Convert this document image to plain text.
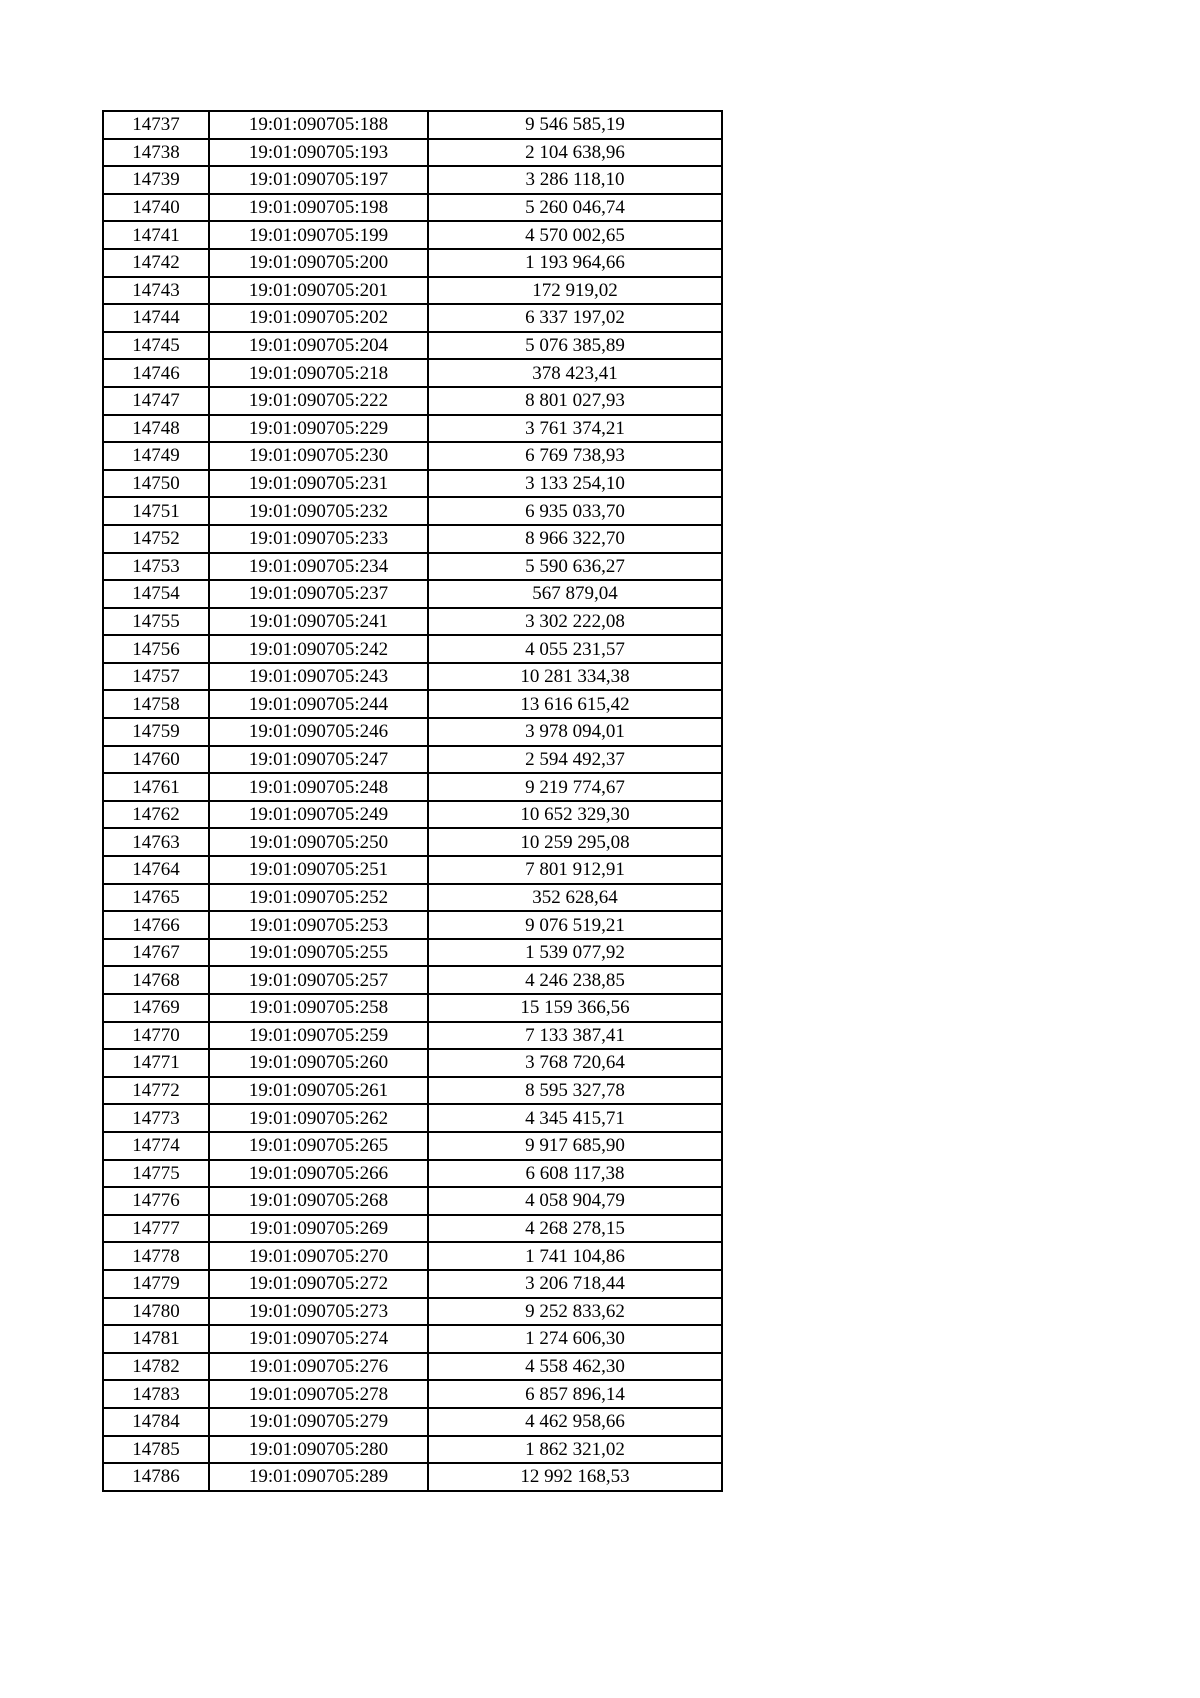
14737	19:01:090705:188	9 546 585,19
14738	19:01:090705:193	2 104 638,96
14739	19:01:090705:197	3 286 118,10
14740	19:01:090705:198	5 260 046,74
14741	19:01:090705:199	4 570 002,65
14742	19:01:090705:200	1 193 964,66
14743	19:01:090705:201	172 919,02
14744	19:01:090705:202	6 337 197,02
14745	19:01:090705:204	5 076 385,89
14746	19:01:090705:218	378 423,41
14747	19:01:090705:222	8 801 027,93
14748	19:01:090705:229	3 761 374,21
14749	19:01:090705:230	6 769 738,93
14750	19:01:090705:231	3 133 254,10
14751	19:01:090705:232	6 935 033,70
14752	19:01:090705:233	8 966 322,70
14753	19:01:090705:234	5 590 636,27
14754	19:01:090705:237	567 879,04
14755	19:01:090705:241	3 302 222,08
14756	19:01:090705:242	4 055 231,57
14757	19:01:090705:243	10 281 334,38
14758	19:01:090705:244	13 616 615,42
14759	19:01:090705:246	3 978 094,01
14760	19:01:090705:247	2 594 492,37
14761	19:01:090705:248	9 219 774,67
14762	19:01:090705:249	10 652 329,30
14763	19:01:090705:250	10 259 295,08
14764	19:01:090705:251	7 801 912,91
14765	19:01:090705:252	352 628,64
14766	19:01:090705:253	9 076 519,21
14767	19:01:090705:255	1 539 077,92
14768	19:01:090705:257	4 246 238,85
14769	19:01:090705:258	15 159 366,56
14770	19:01:090705:259	7 133 387,41
14771	19:01:090705:260	3 768 720,64
14772	19:01:090705:261	8 595 327,78
14773	19:01:090705:262	4 345 415,71
14774	19:01:090705:265	9 917 685,90
14775	19:01:090705:266	6 608 117,38
14776	19:01:090705:268	4 058 904,79
14777	19:01:090705:269	4 268 278,15
14778	19:01:090705:270	1 741 104,86
14779	19:01:090705:272	3 206 718,44
14780	19:01:090705:273	9 252 833,62
14781	19:01:090705:274	1 274 606,30
14782	19:01:090705:276	4 558 462,30
14783	19:01:090705:278	6 857 896,14
14784	19:01:090705:279	4 462 958,66
14785	19:01:090705:280	1 862 321,02
14786	19:01:090705:289	12 992 168,53
